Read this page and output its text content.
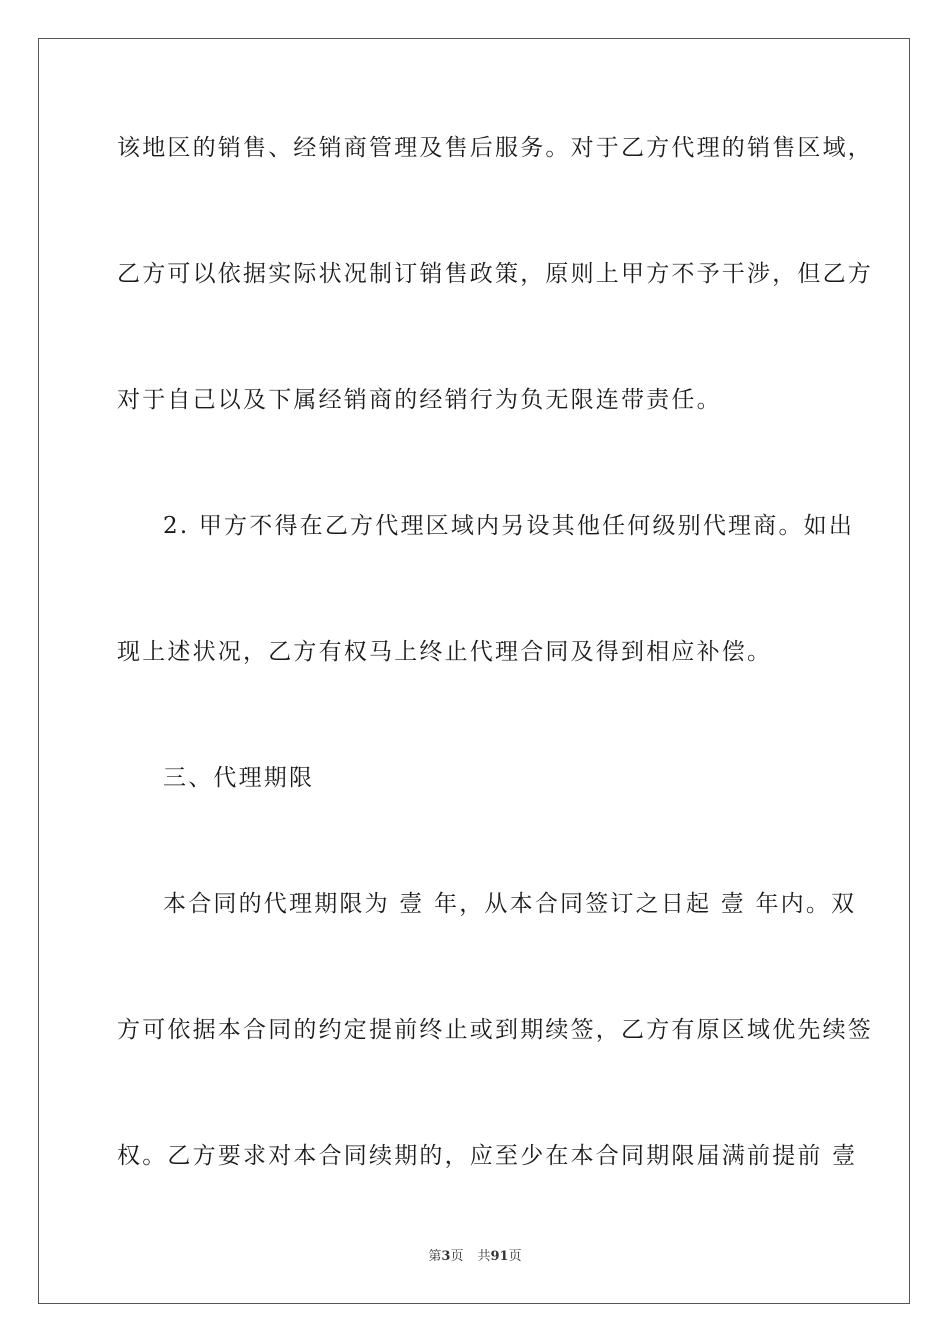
该地区的销售、经销商管理及售后服务。对于乙方代理的销售区域，
乙方可以依据实际状况制订销售政策，原则上甲方不予干涉，但乙方
对于自己以及下属经销商的经销行为负无限连带责任。
2. 甲方不得在乙方代理区域内另设其他任何级别代理商。如出
现上述状况，乙方有权马上终止代理合同及得到相应补偿。
三、代理期限
本合同的代理期限为 壹 年，从本合同签订之日起 壹 年内。双
方可依据本合同的约定提前终止或到期续签，乙方有原区域优先续签
权。乙方要求对本合同续期的，应至少在本合同期限届满前提前 壹
第3页 共91页
